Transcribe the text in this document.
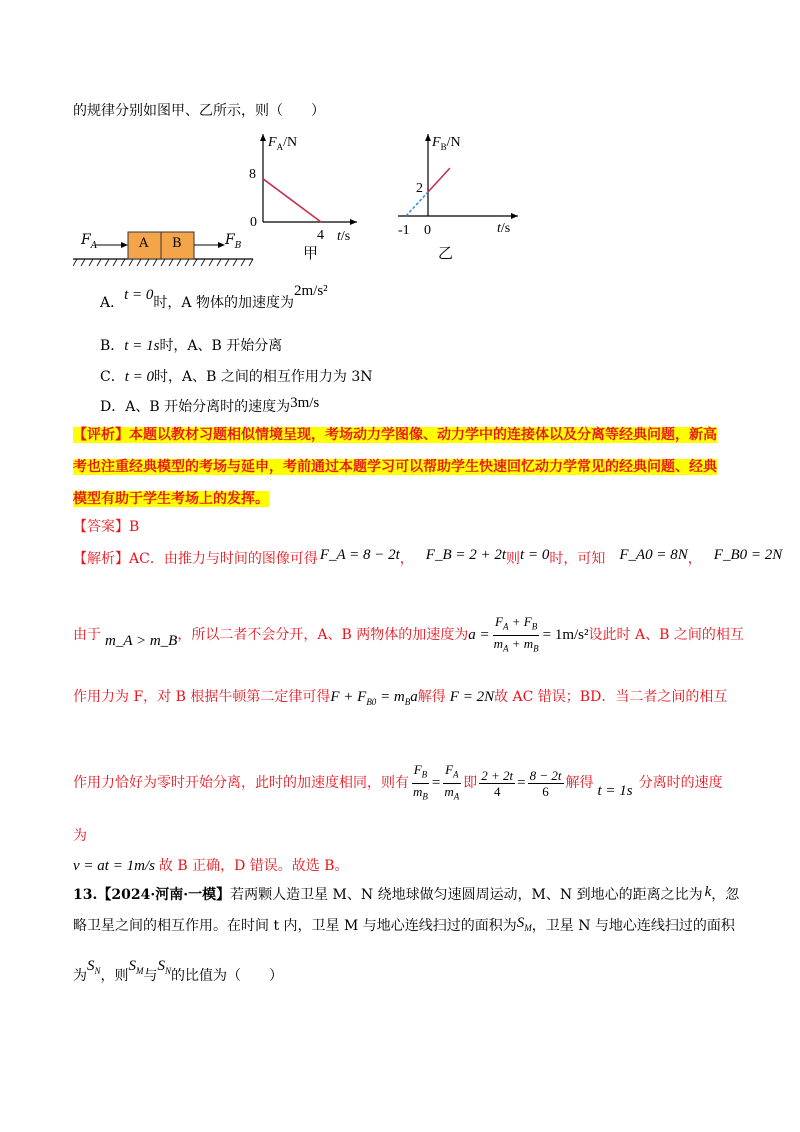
的规律分别如图甲、乙所示，则（　　）
$F_A$	A B	$F_B$
$F_A/N$
t/s
8
0
4
甲
$F_B/N$
t/s
2
-1 0
乙
A．t = 0时，A 物体的加速度为2m/s²
B．t = 1s时，A、B 开始分离
C．t = 0时，A、B 之间的相互作用力为 3N
D．A、B 开始分离时的速度为3m/s
【评析】本题以教材习题相似情境呈现，考场动力学图像、动力学中的连接体以及分离等经典问题，新高
考也注重经典模型的考场与延申，考前通过本题学习可以帮助学生快速回忆动力学常见的经典问题、经典
模型有助于学生考场上的发挥。
【答案】B
【解析】AC．由推力与时间的图像可得 F_A = 8 − 2t， F_B = 2 + 2t则t = 0时，可知 F_A0 = 8N， F_B0 = 2N
由于 m_A > m_B，所以二者不会分开，A、B 两物体的加速度为$a = \frac{F_A + F_B}{m_A + m_B} = 1m/s^2$设此时 A、B 之间的相互
作用力为 F，对 B 根据牛顿第二定律可得$F + F_{B0} = m_Ba$解得 F = 2N故 AC 错误；BD．当二者之间的相互
作用力恰好为零时开始分离，此时的加速度相同，则有 $\frac{F_B}{m_B} = \frac{F_A}{m_A}$ 即 $\frac{2 + 2t}{4} = \frac{8 - 2t}{6}$ 解得 t = 1s 分离时的速度
为
v = at = 1m/s 故 B 正确，D 错误。故选 B。
13.【2024·河南·一模】若两颗人造卫星 M、N 绕地球做匀速圆周运动，M、N 到地心的距离之比为 k，忽
略卫星之间的相互作用。在时间 t 内，卫星 M 与地心连线扫过的面积为$S_M$，卫星 N 与地心连线扫过的面积
为$S_N$，则$S_M$与$S_N$的比值为（　　）
